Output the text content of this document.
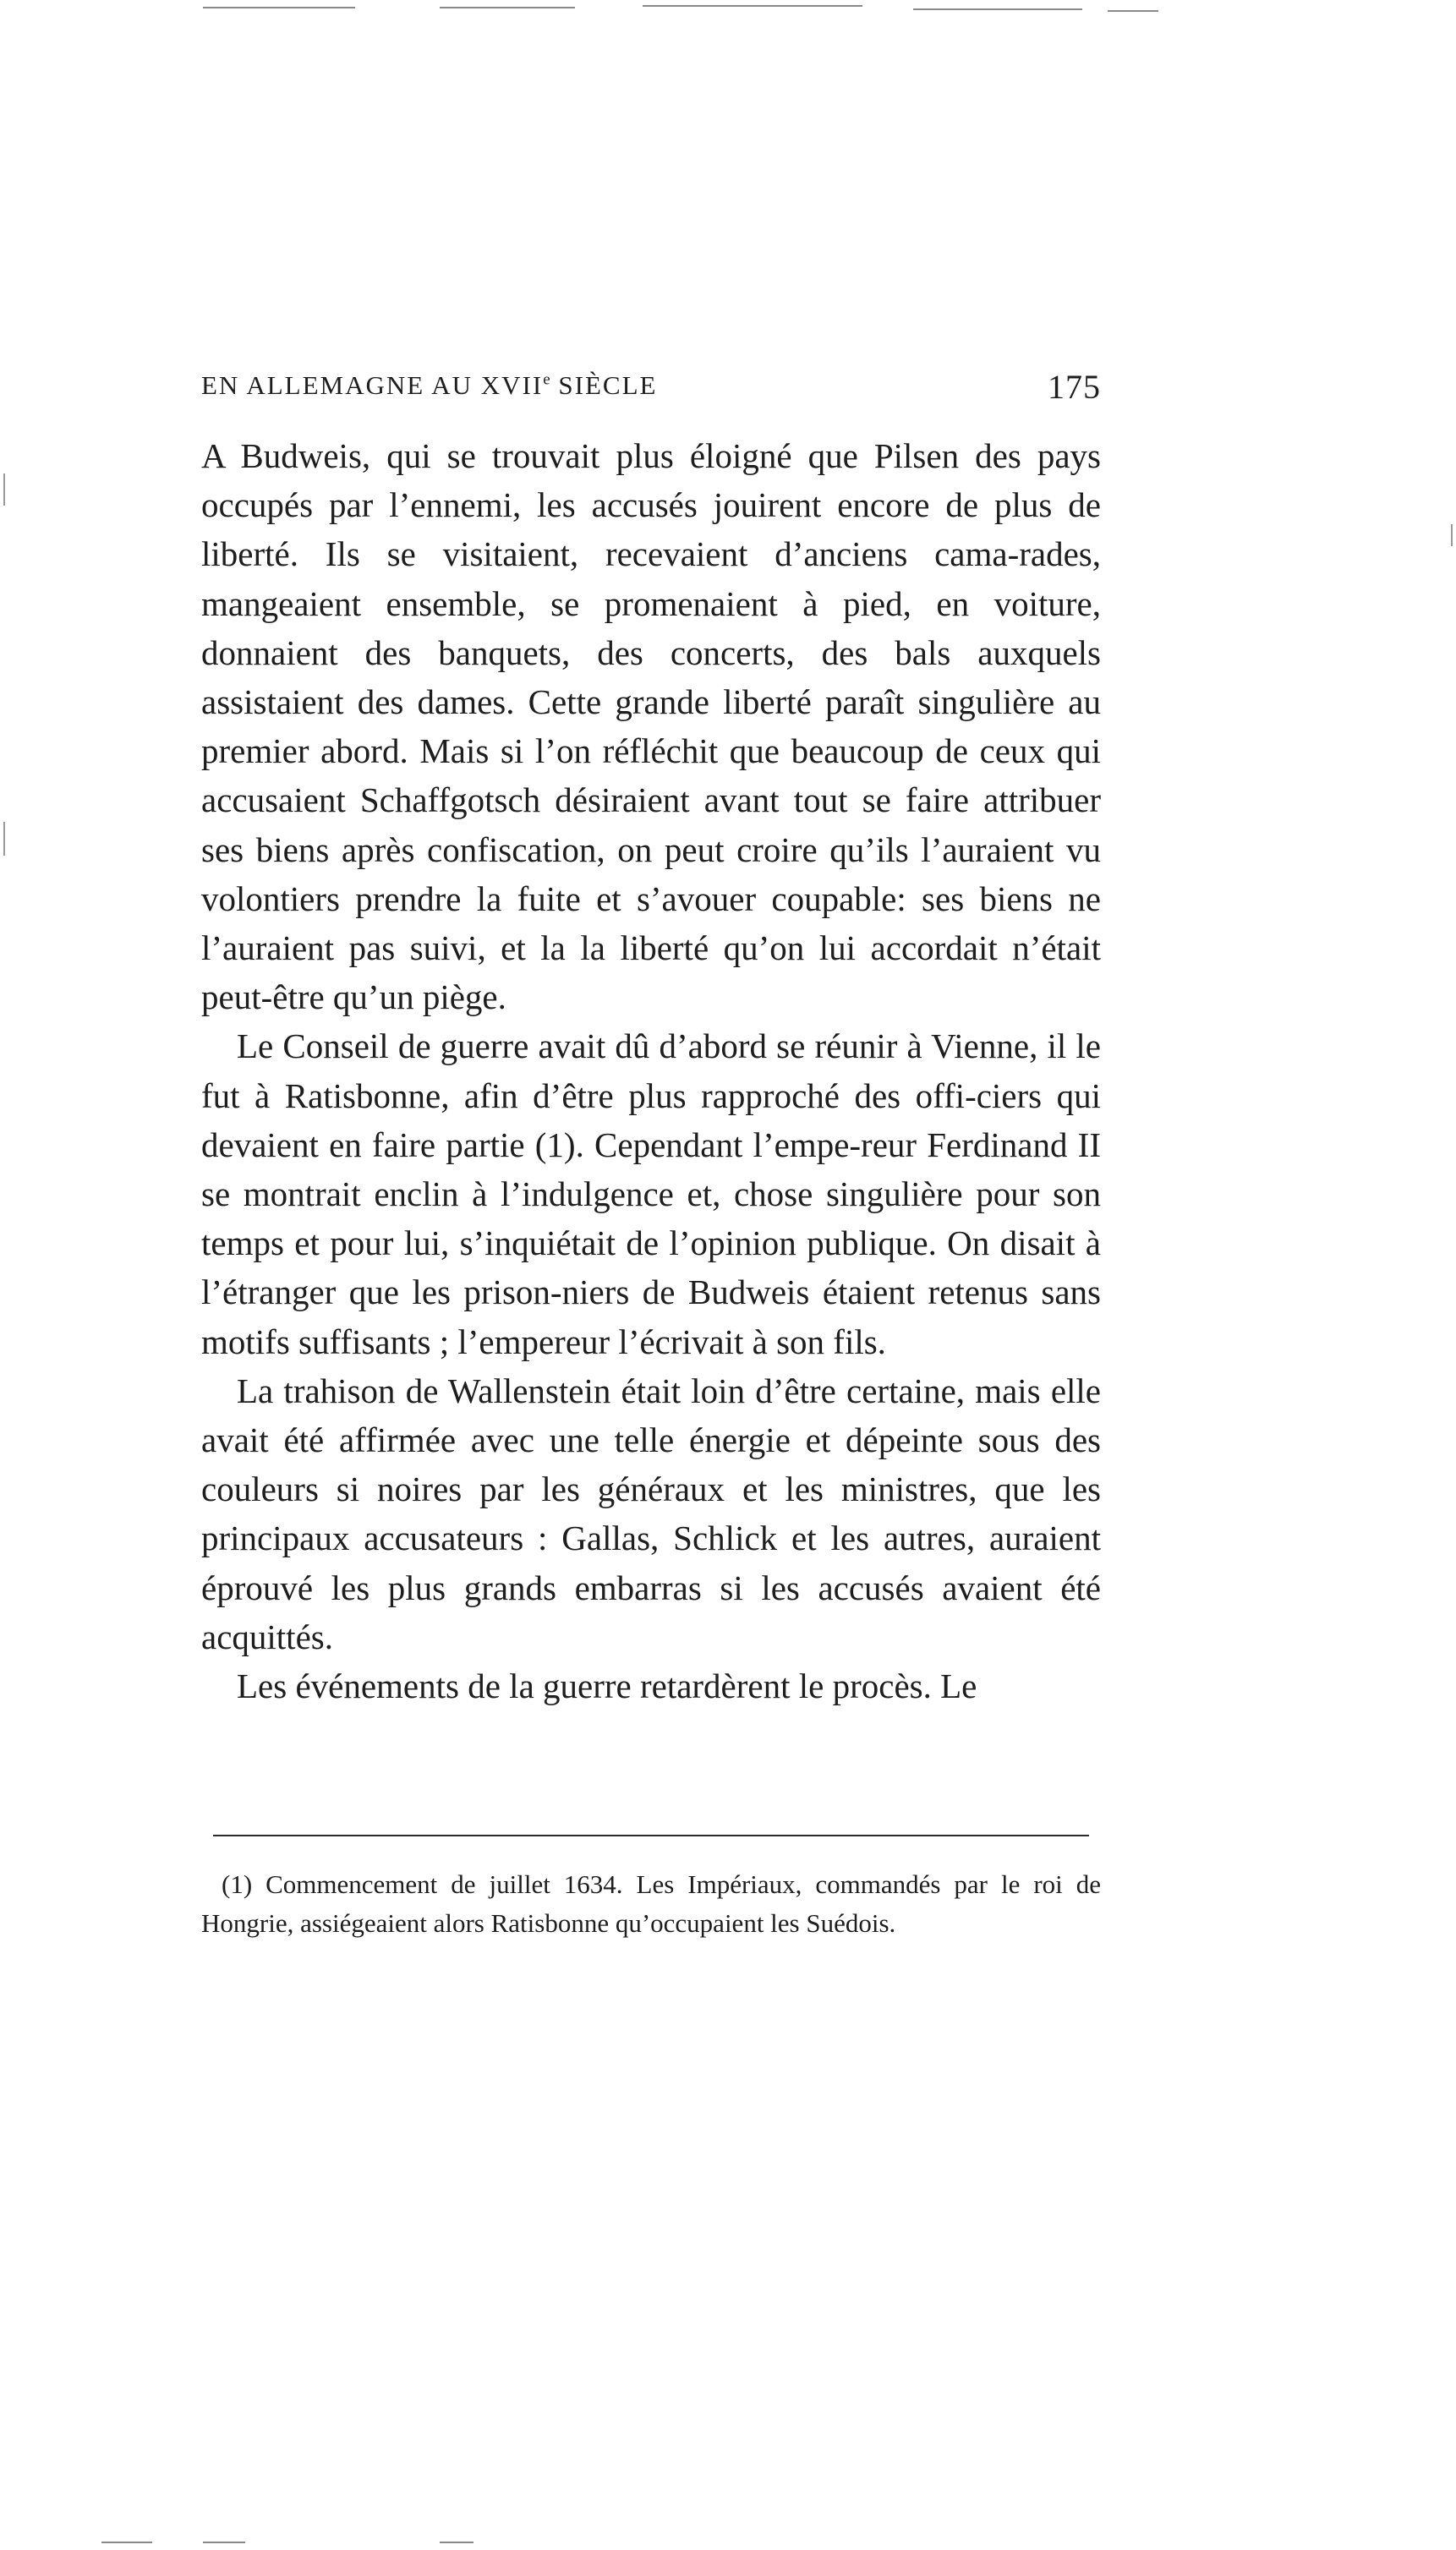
EN ALLEMAGNE AU XVIIe SIÈCLE	175

A Budweis, qui se trouvait plus éloigné que Pilsen des pays occupés par l’ennemi, les accusés jouirent encore de plus de liberté. Ils se visitaient, recevaient d’anciens cama-rades, mangeaient ensemble, se promenaient à pied, en voiture, donnaient des banquets, des concerts, des bals auxquels assistaient des dames. Cette grande liberté paraît singulière au premier abord. Mais si l’on réfléchit que beaucoup de ceux qui accusaient Schaffgotsch désiraient avant tout se faire attribuer ses biens après confiscation, on peut croire qu’ils l’auraient vu volontiers prendre la fuite et s’avouer coupable: ses biens ne l’auraient pas suivi, et la la liberté qu’on lui accordait n’était peut-être qu’un piège.

Le Conseil de guerre avait dû d’abord se réunir à Vienne, il le fut à Ratisbonne, afin d’être plus rapproché des offi-ciers qui devaient en faire partie (1). Cependant l’empe-reur Ferdinand II se montrait enclin à l’indulgence et, chose singulière pour son temps et pour lui, s’inquiétait de l’opinion publique. On disait à l’étranger que les prison-niers de Budweis étaient retenus sans motifs suffisants ; l’empereur l’écrivait à son fils.

La trahison de Wallenstein était loin d’être certaine, mais elle avait été affirmée avec une telle énergie et dépeinte sous des couleurs si noires par les généraux et les ministres, que les principaux accusateurs : Gallas, Schlick et les autres, auraient éprouvé les plus grands embarras si les accusés avaient été acquittés.

Les événements de la guerre retardèrent le procès. Le

(1) Commencement de juillet 1634. Les Impériaux, commandés par le roi de Hongrie, assiégeaient alors Ratisbonne qu’occupaient les Suédois.
